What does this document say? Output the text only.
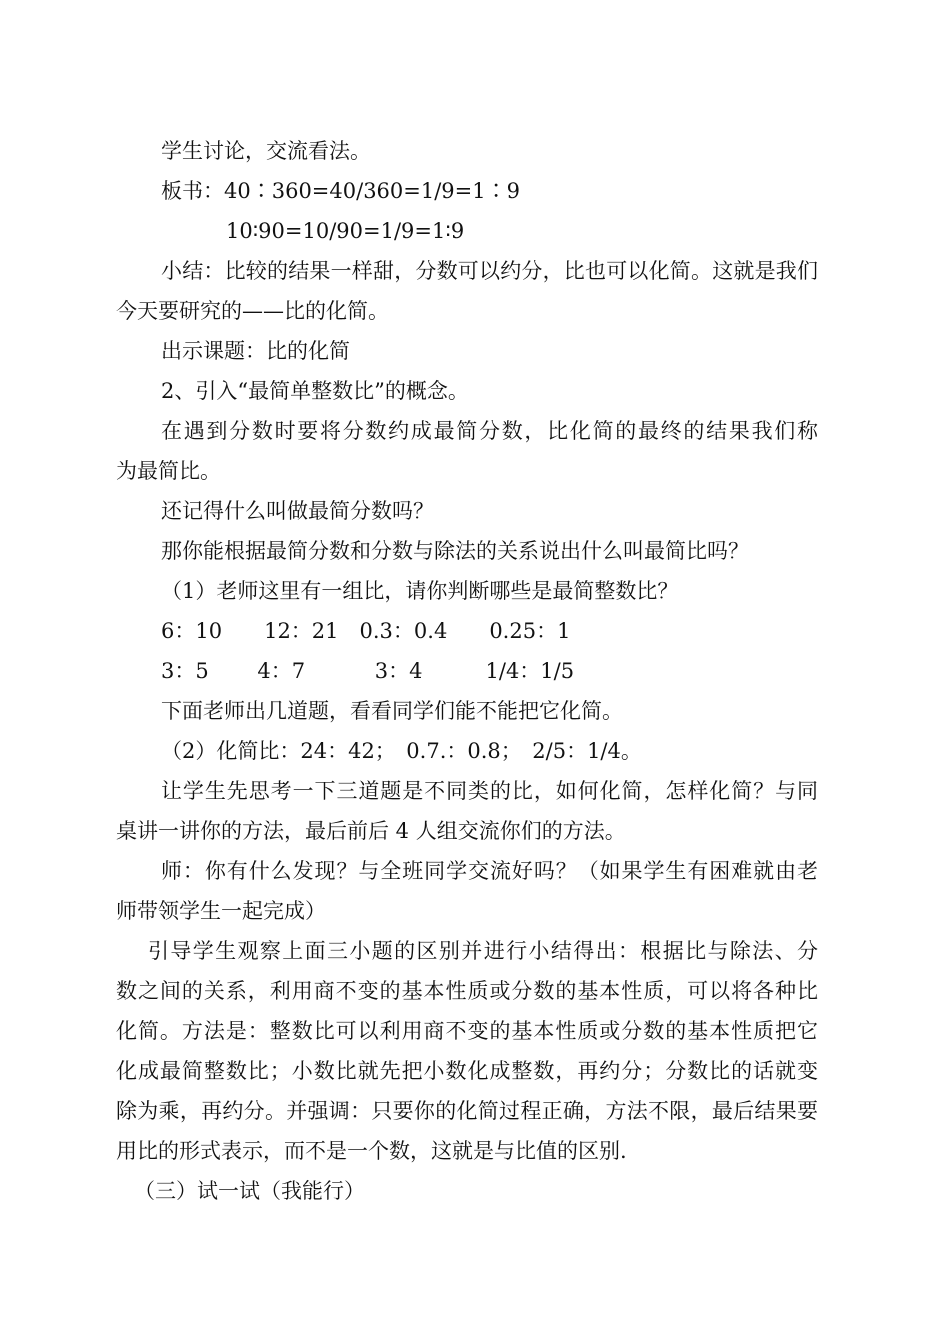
学生讨论，交流看法。
板书：40∶360=40/360=1/9=1∶9
10∶90=10/90=1/9=1∶9
小结：比较的结果一样甜，分数可以约分，比也可以化简。这就是我们
今天要研究的——比的化简。
出示课题：比的化简
2、引入“最简单整数比”的概念。
在遇到分数时要将分数约成最简分数，比化简的最终的结果我们称
为最简比。
还记得什么叫做最简分数吗？
那你能根据最简分数和分数与除法的关系说出什么叫最简比吗？
（1）老师这里有一组比，请你判断哪些是最简整数比？
6：10　　12：21　0.3：0.4　　0.25：1
3：5　　 4：7　　　 3：4　　　1/4：1/5
下面老师出几道题，看看同学们能不能把它化简。
（2）化简比：24：42；　0.7.：0.8；　2/5：1/4。
让学生先思考一下三道题是不同类的比，如何化简，怎样化简？与同
桌讲一讲你的方法，最后前后 4 人组交流你们的方法。
师：你有什么发现？与全班同学交流好吗？（如果学生有困难就由老
师带领学生一起完成）
引导学生观察上面三小题的区别并进行小结得出：根据比与除法、分
数之间的关系，利用商不变的基本性质或分数的基本性质，可以将各种比
化简。方法是：整数比可以利用商不变的基本性质或分数的基本性质把它
化成最简整数比；小数比就先把小数化成整数，再约分；分数比的话就变
除为乘，再约分。并强调：只要你的化简过程正确，方法不限，最后结果要
用比的形式表示，而不是一个数，这就是与比值的区别.
（三）试一试（我能行）
